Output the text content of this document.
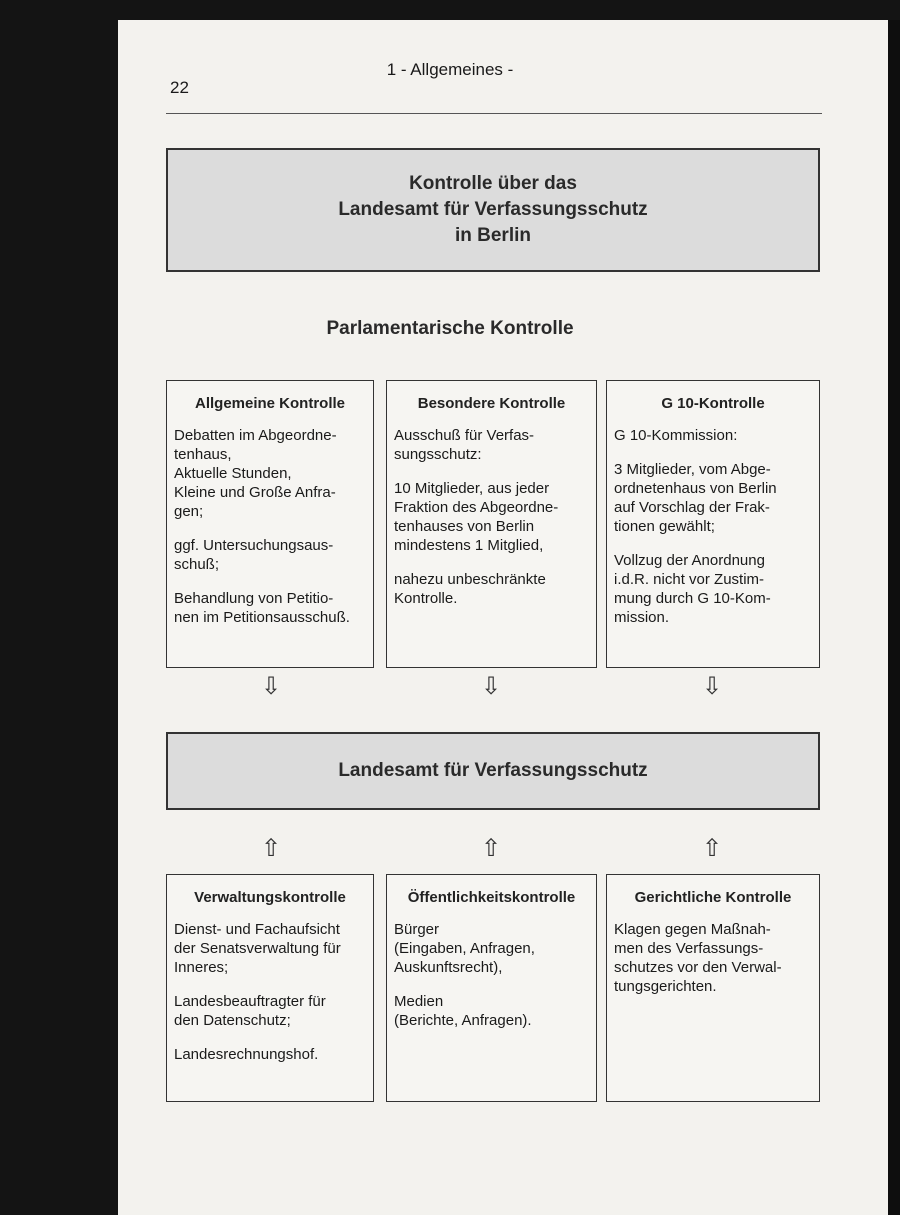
22
1 - Allgemeines -
Kontrolle über das
Landesamt für Verfassungsschutz
in Berlin
Parlamentarische Kontrolle
Allgemeine Kontrolle

Debatten im Abgeordne-
tenhaus,
Aktuelle Stunden,
Kleine und Große Anfra-
gen;

ggf. Untersuchungsaus-
schuß;

Behandlung von Petitio-
nen im Petitionsausschuß.

Besondere Kontrolle

Ausschuß für Verfas-
sungsschutz:

10 Mitglieder, aus jeder
Fraktion des Abgeordne-
tenhauses von Berlin
mindestens 1 Mitglied,

nahezu unbeschränkte
Kontrolle.

G 10-Kontrolle

G 10-Kommission:

3 Mitglieder, vom Abge-
ordnetenhaus von Berlin
auf Vorschlag der Frak-
tionen gewählt;

Vollzug der Anordnung
i.d.R. nicht vor Zustim-
mung durch G 10-Kom-
mission.

⇩	⇩	⇩
Landesamt für Verfassungsschutz
⇧	⇧	⇧
Verwaltungskontrolle

Dienst- und Fachaufsicht
der Senatsverwaltung für
Inneres;

Landesbeauftragter für
den Datenschutz;

Landesrechnungshof.

Öffentlichkeitskontrolle

Bürger
(Eingaben, Anfragen,
Auskunftsrecht),

Medien
(Berichte, Anfragen).

Gerichtliche Kontrolle

Klagen gegen Maßnah-
men des Verfassungs-
schutzes vor den Verwal-
tungsgerichten.
